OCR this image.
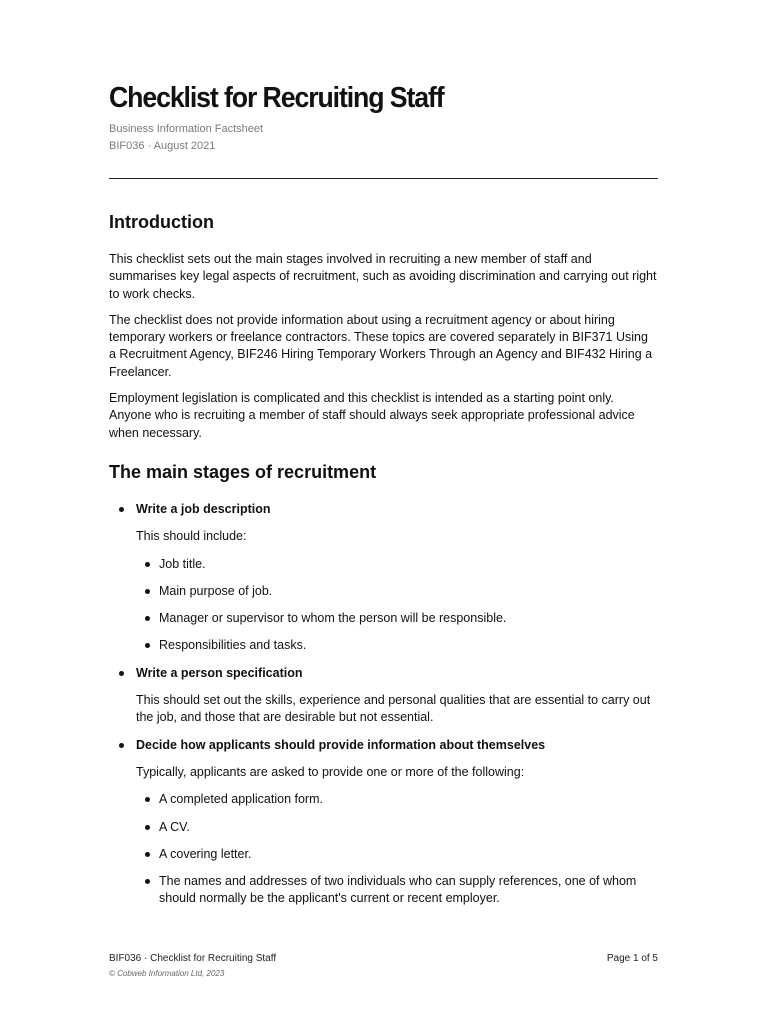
Checklist for Recruiting Staff
Business Information Factsheet
BIF036 · August 2021
Introduction

This checklist sets out the main stages involved in recruiting a new member of staff and summarises key legal aspects of recruitment, such as avoiding discrimination and carrying out right to work checks.

The checklist does not provide information about using a recruitment agency or about hiring temporary workers or freelance contractors. These topics are covered separately in BIF371 Using a Recruitment Agency, BIF246 Hiring Temporary Workers Through an Agency and BIF432 Hiring a Freelancer.

Employment legislation is complicated and this checklist is intended as a starting point only. Anyone who is recruiting a member of staff should always seek appropriate professional advice when necessary.

The main stages of recruitment
Write a job description
This should include:
Job title.
Main purpose of job.
Manager or supervisor to whom the person will be responsible.
Responsibilities and tasks.
Write a person specification
This should set out the skills, experience and personal qualities that are essential to carry out the job, and those that are desirable but not essential.
Decide how applicants should provide information about themselves
Typically, applicants are asked to provide one or more of the following:
A completed application form.
A CV.
A covering letter.
The names and addresses of two individuals who can supply references, one of whom should normally be the applicant's current or recent employer.
BIF036 · Checklist for Recruiting Staff	Page 1 of 5
© Cobweb Information Ltd, 2023
